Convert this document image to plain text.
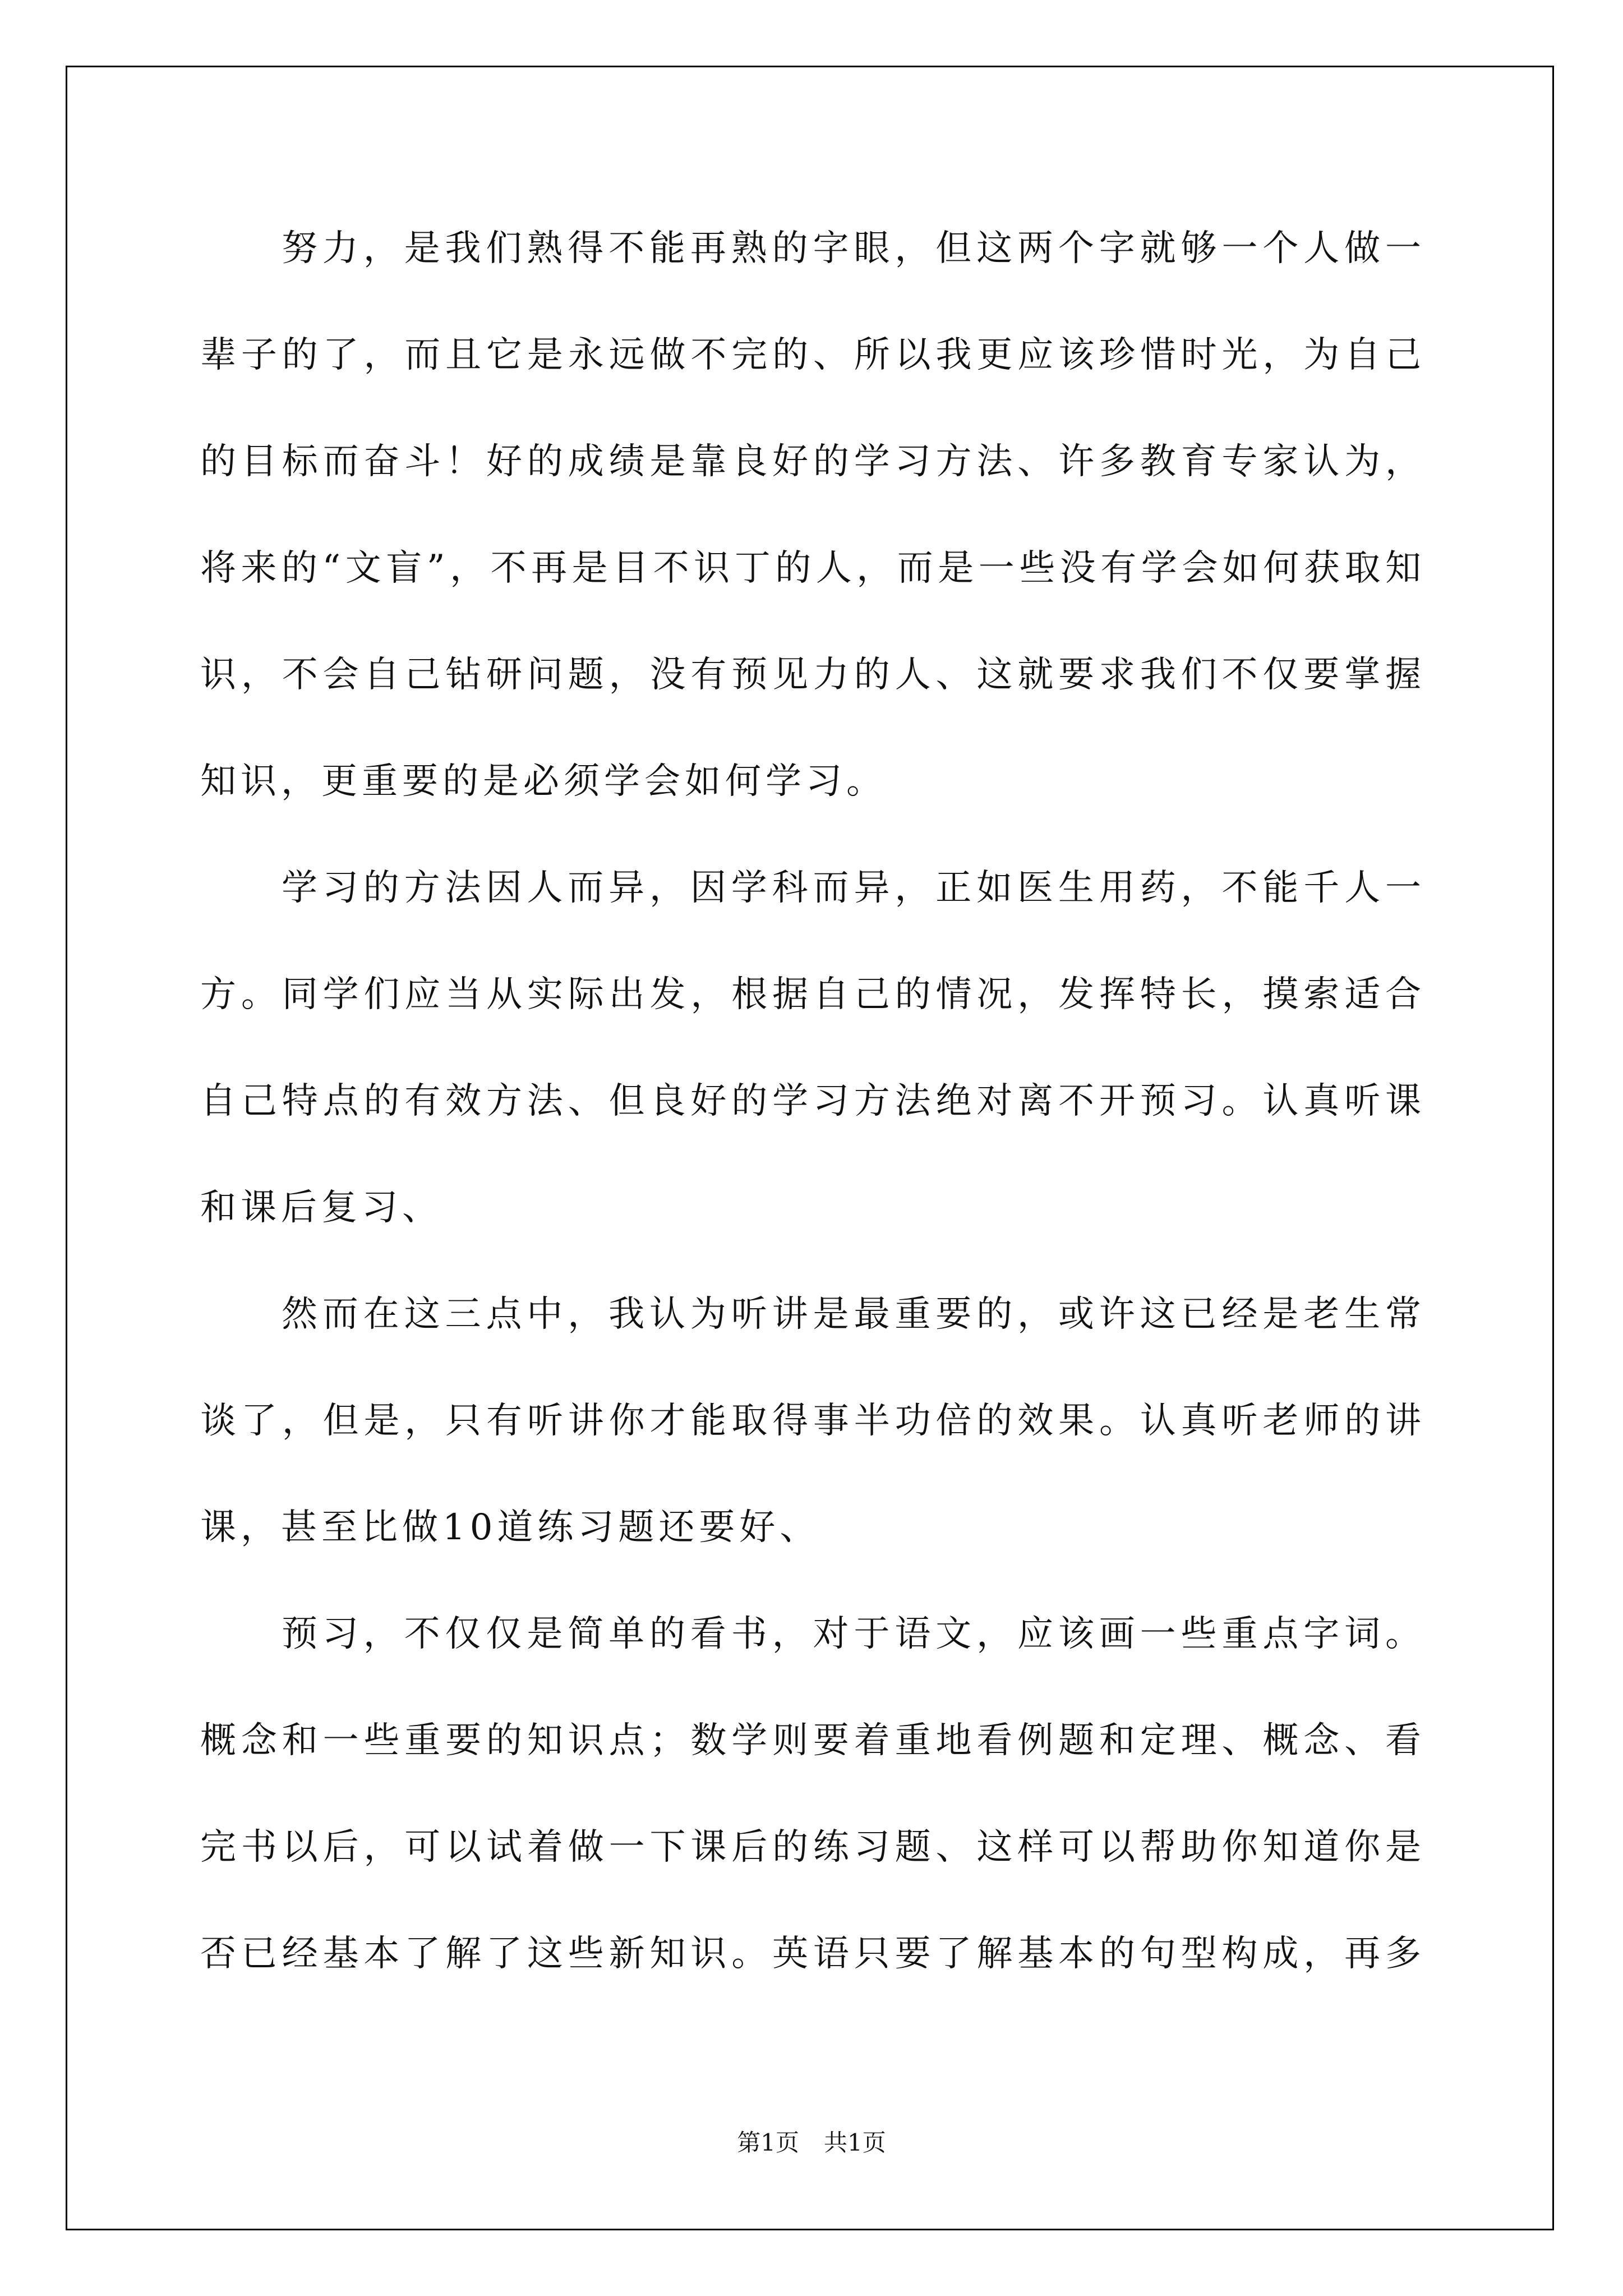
努力，是我们熟得不能再熟的字眼，但这两个字就够一个人做一
辈子的了，而且它是永远做不完的、所以我更应该珍惜时光，为自己
的目标而奋斗！好的成绩是靠良好的学习方法、许多教育专家认为，
将来的“文盲”，不再是目不识丁的人，而是一些没有学会如何获取知
识，不会自己钻研问题，没有预见力的人、这就要求我们不仅要掌握
知识，更重要的是必须学会如何学习。
学习的方法因人而异，因学科而异，正如医生用药，不能千人一
方。同学们应当从实际出发，根据自己的情况，发挥特长，摸索适合
自己特点的有效方法、但良好的学习方法绝对离不开预习。认真听课
和课后复习、
然而在这三点中，我认为听讲是最重要的，或许这已经是老生常
谈了，但是，只有听讲你才能取得事半功倍的效果。认真听老师的讲
课，甚至比做10道练习题还要好、
预习，不仅仅是简单的看书，对于语文，应该画一些重点字词。
概念和一些重要的知识点；数学则要着重地看例题和定理、概念、看
完书以后，可以试着做一下课后的练习题、这样可以帮助你知道你是
否已经基本了解了这些新知识。英语只要了解基本的句型构成，再多
第1页 共1页
